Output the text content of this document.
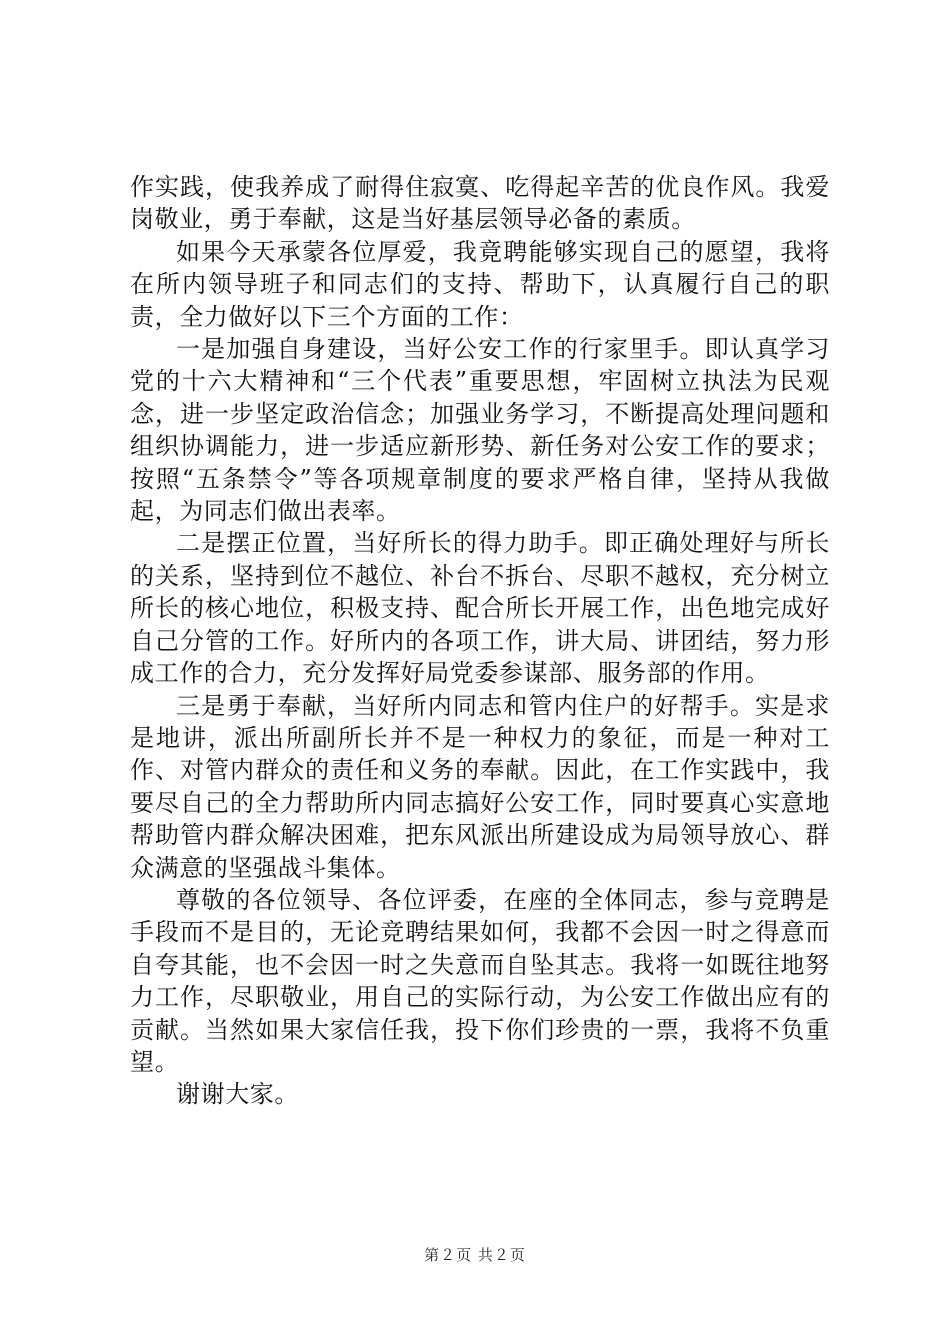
作实践，使我养成了耐得住寂寞、吃得起辛苦的优良作风。我爱岗敬业，勇于奉献，这是当好基层领导必备的素质。

如果今天承蒙各位厚爱，我竟聘能够实现自己的愿望，我将在所内领导班子和同志们的支持、帮助下，认真履行自己的职责，全力做好以下三个方面的工作：

一是加强自身建设，当好公安工作的行家里手。即认真学习党的十六大精神和“三个代表”重要思想，牢固树立执法为民观念，进一步坚定政治信念；加强业务学习，不断提高处理问题和组织协调能力，进一步适应新形势、新任务对公安工作的要求；按照“五条禁令”等各项规章制度的要求严格自律，坚持从我做起，为同志们做出表率。

二是摆正位置，当好所长的得力助手。即正确处理好与所长的关系，坚持到位不越位、补台不拆台、尽职不越权，充分树立所长的核心地位，积极支持、配合所长开展工作，出色地完成好自己分管的工作。好所内的各项工作，讲大局、讲团结，努力形成工作的合力，充分发挥好局党委参谋部、服务部的作用。

三是勇于奉献，当好所内同志和管内住户的好帮手。实是求是地讲，派出所副所长并不是一种权力的象征，而是一种对工作、对管内群众的责任和义务的奉献。因此，在工作实践中，我要尽自己的全力帮助所内同志搞好公安工作，同时要真心实意地帮助管内群众解决困难，把东风派出所建设成为局领导放心、群众满意的坚强战斗集体。

尊敬的各位领导、各位评委，在座的全体同志，参与竞聘是手段而不是目的，无论竞聘结果如何，我都不会因一时之得意而自夸其能，也不会因一时之失意而自坠其志。我将一如既往地努力工作，尽职敬业，用自己的实际行动，为公安工作做出应有的贡献。当然如果大家信任我，投下你们珍贵的一票，我将不负重望。

谢谢大家。

第２页 共２页
